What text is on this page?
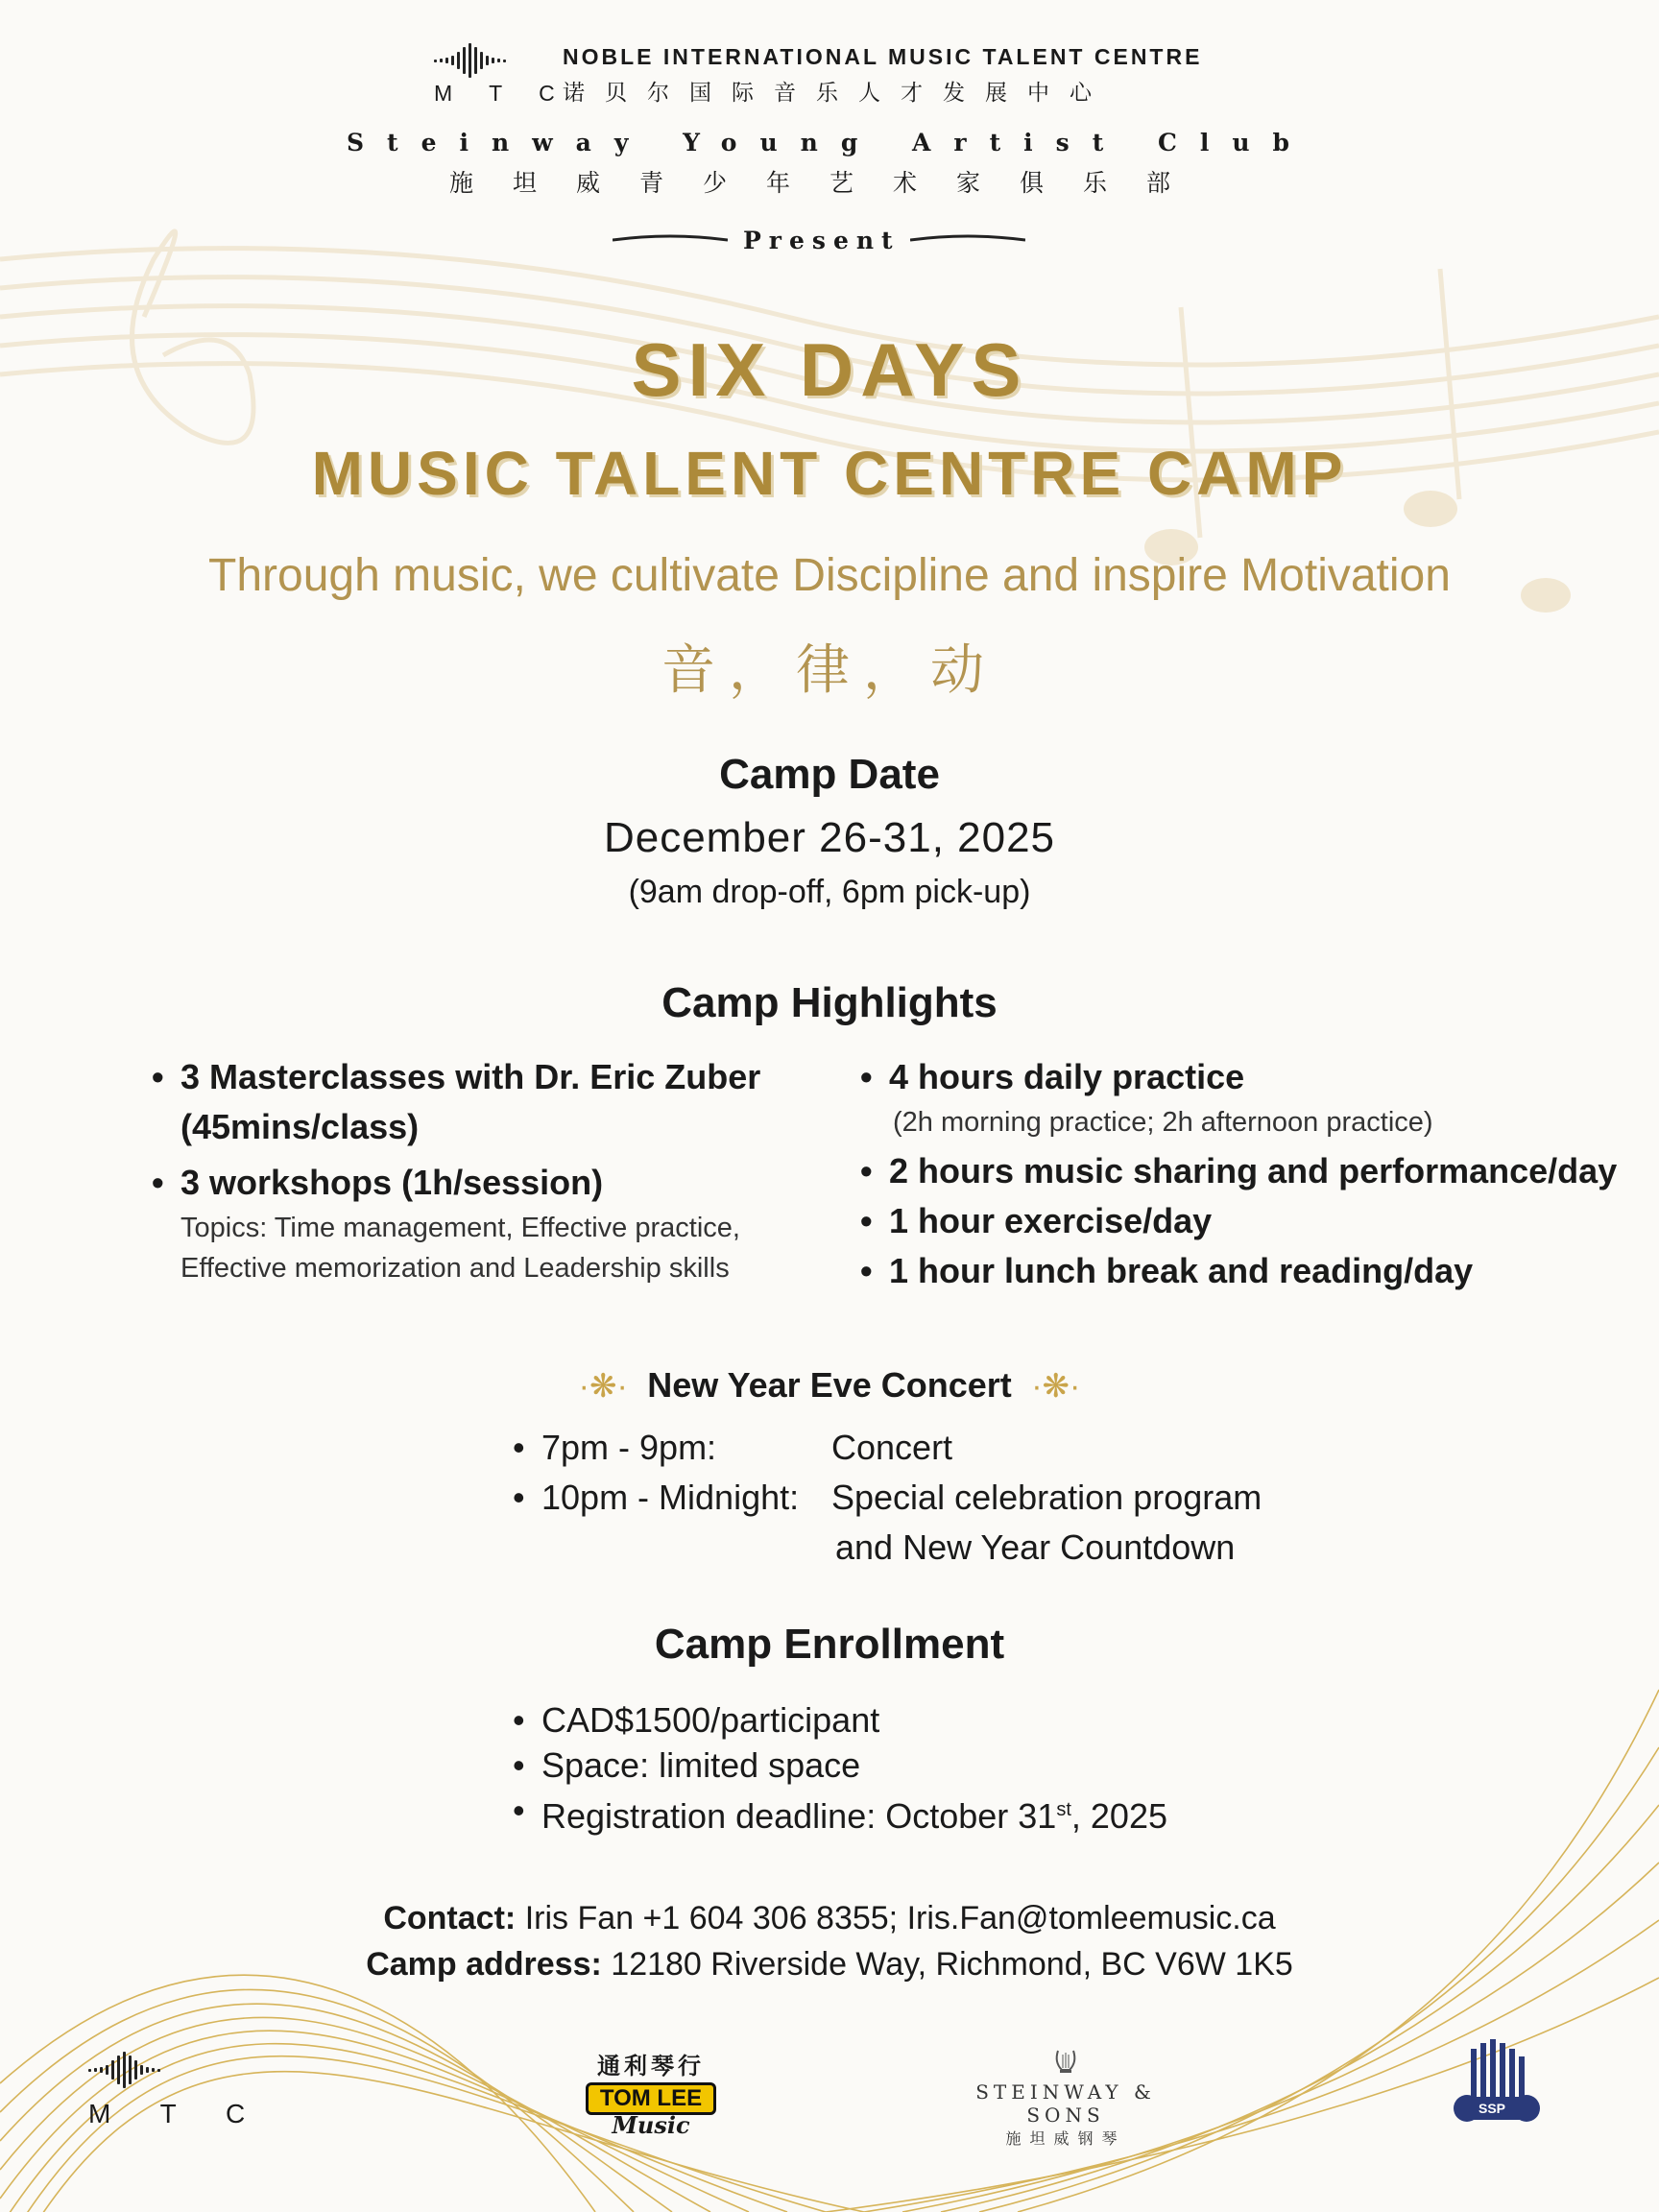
M T C
NOBLE INTERNATIONAL MUSIC TALENT CENTRE
诺贝尔国际音乐人才发展中心
Steinway Young Artist Club
施坦威青少年艺术家俱乐部
Present
SIX DAYS
MUSIC TALENT CENTRE CAMP
Through music, we cultivate Discipline and inspire Motivation
音，律，动
Camp Date
December 26-31, 2025
(9am drop-off, 6pm pick-up)
Camp Highlights
• 3 Masterclasses with Dr. Eric Zuber
(45mins/class)
• 3 workshops (1h/session)
Topics: Time management, Effective practice,
Effective memorization and Leadership skills
• 4 hours daily practice
(2h morning practice; 2h afternoon practice)
• 2 hours music sharing and performance/day
• 1 hour exercise/day
• 1 hour lunch break and reading/day
·❋· New Year Eve Concert ·❋·
• 7pm - 9pm:
• 10pm - Midnight:
Concert
Special celebration program
and New Year Countdown
Camp Enrollment
• CAD$1500/participant
• Space: limited space
• Registration deadline: October 31st, 2025
Contact: Iris Fan +1 604 306 8355; Iris.Fan@tomleemusic.ca
Camp address: 12180 Riverside Way, Richmond, BC V6W 1K5
M T C
通利琴行
TOM LEE
Music
STEINWAY & SONS
施坦威钢琴
SSP
